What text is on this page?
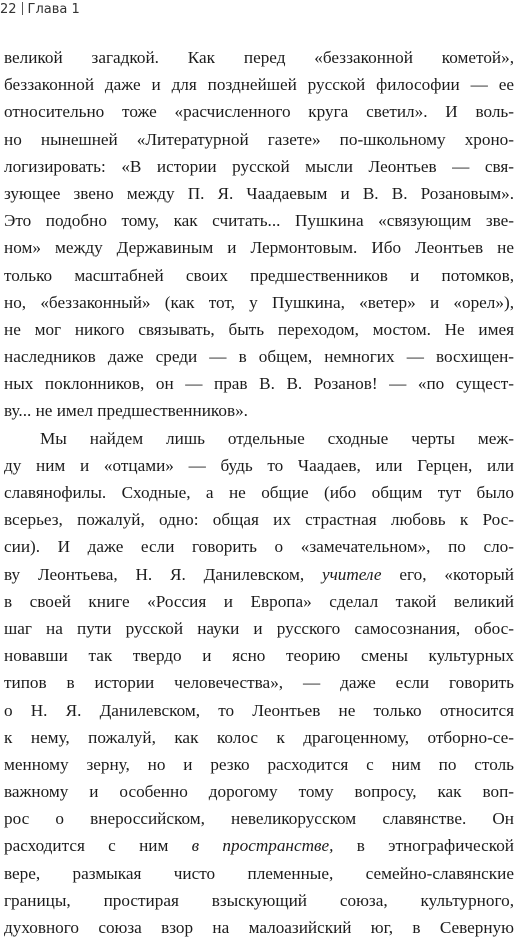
22 Глава 1
великой загадкой. Как перед «беззаконной кометой»,
беззаконной даже и для позднейшей русской философии — ее
относительно тоже «расчисленного круга светил». И воль-
но нынешней «Литературной газете» по-школьному хроно-
логизировать: «В истории русской мысли Леонтьев — свя-
зующее звено между П. Я. Чаадаевым и В. В. Розановым».
Это подобно тому, как считать... Пушкина «связующим зве-
ном» между Державиным и Лермонтовым. Ибо Леонтьев не
только масштабней своих предшественников и потомков,
но, «беззаконный» (как тот, у Пушкина, «ветер» и «орел»),
не мог никого связывать, быть переходом, мостом. Не имея
наследников даже среди — в общем, немногих — восхищен-
ных поклонников, он — прав В. В. Розанов! — «по сущест-
ву... не имел предшественников».
Мы найдем лишь отдельные сходные черты меж-
ду ним и «отцами» — будь то Чаадаев, или Герцен, или
славянофилы. Сходные, а не общие (ибо общим тут было
всерьез, пожалуй, одно: общая их страстная любовь к Рос-
сии). И даже если говорить о «замечательном», по сло-
ву Леонтьева, Н. Я. Данилевском, учителе его, «который
в своей книге «Россия и Европа» сделал такой великий
шаг на пути русской науки и русского самосознания, обос-
новавши так твердо и ясно теорию смены культурных
типов в истории человечества», — даже если говорить
о Н. Я. Данилевском, то Леонтьев не только относится
к нему, пожалуй, как колос к драгоценному, отборно-се-
менному зерну, но и резко расходится с ним по столь
важному и особенно дорогому тому вопросу, как воп-
рос о внероссийском, невеликорусском славянстве. Он
расходится с ним в пространстве, в этнографической
вере, размыкая чисто племенные, семейно-славянские
границы, простирая взыскующий союза, культурного,
духовного союза взор на малоазийский юг, в Северную
